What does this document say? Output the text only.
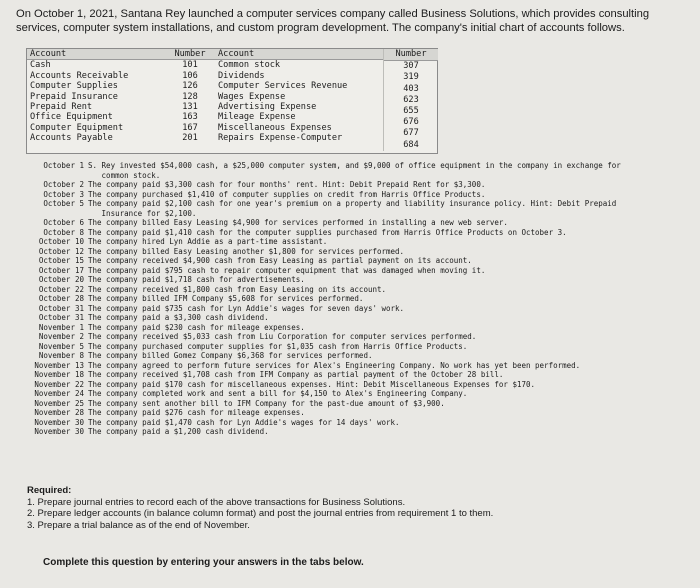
On October 1, 2021, Santana Rey launched a computer services company called Business Solutions, which provides consulting services, computer system installations, and custom program development. The company's initial chart of accounts follows.
Account
Cash
Accounts Receivable
Computer Supplies
Prepaid Insurance
Prepaid Rent
Office Equipment
Computer Equipment
Accounts Payable
Number
101
106
126
128
131
163
167
201
Account
Common stock
Dividends
Computer Services Revenue
Wages Expense
Advertising Expense
Mileage Expense
Miscellaneous Expenses
Repairs Expense-Computer
Number
307
319
403
623
655
676
677
684
October 1 S. Rey invested $54,000 cash, a $25,000 computer system, and $9,000 of office equipment in the company in exchange for
common stock.
October 2 The company paid $3,300 cash for four months' rent. Hint: Debit Prepaid Rent for $3,300.
October 3 The company purchased $1,410 of computer supplies on credit from Harris Office Products.
October 5 The company paid $2,100 cash for one year's premium on a property and liability insurance policy. Hint: Debit Prepaid
Insurance for $2,100.
October 6 The company billed Easy Leasing $4,900 for services performed in installing a new web server.
October 8 The company paid $1,410 cash for the computer supplies purchased from Harris Office Products on October 3.
October 10 The company hired Lyn Addie as a part-time assistant.
October 12 The company billed Easy Leasing another $1,800 for services performed.
October 15 The company received $4,900 cash from Easy Leasing as partial payment on its account.
October 17 The company paid $795 cash to repair computer equipment that was damaged when moving it.
October 20 The company paid $1,718 cash for advertisements.
October 22 The company received $1,800 cash from Easy Leasing on its account.
October 28 The company billed IFM Company $5,608 for services performed.
October 31 The company paid $735 cash for Lyn Addie's wages for seven days' work.
October 31 The company paid a $3,300 cash dividend.
November 1 The company paid $230 cash for mileage expenses.
November 2 The company received $5,033 cash from Liu Corporation for computer services performed.
November 5 The company purchased computer supplies for $1,035 cash from Harris Office Products.
November 8 The company billed Gomez Company $6,368 for services performed.
November 13 The company agreed to perform future services for Alex's Engineering Company. No work has yet been performed.
November 18 The company received $1,708 cash from IFM Company as partial payment of the October 28 bill.
November 22 The company paid $170 cash for miscellaneous expenses. Hint: Debit Miscellaneous Expenses for $170.
November 24 The company completed work and sent a bill for $4,150 to Alex's Engineering Company.
November 25 The company sent another bill to IFM Company for the past-due amount of $3,900.
November 28 The company paid $276 cash for mileage expenses.
November 30 The company paid $1,470 cash for Lyn Addie's wages for 14 days' work.
November 30 The company paid a $1,200 cash dividend.
Required:
1. Prepare journal entries to record each of the above transactions for Business Solutions.
2. Prepare ledger accounts (in balance column format) and post the journal entries from requirement 1 to them.
3. Prepare a trial balance as of the end of November.
Complete this question by entering your answers in the tabs below.
